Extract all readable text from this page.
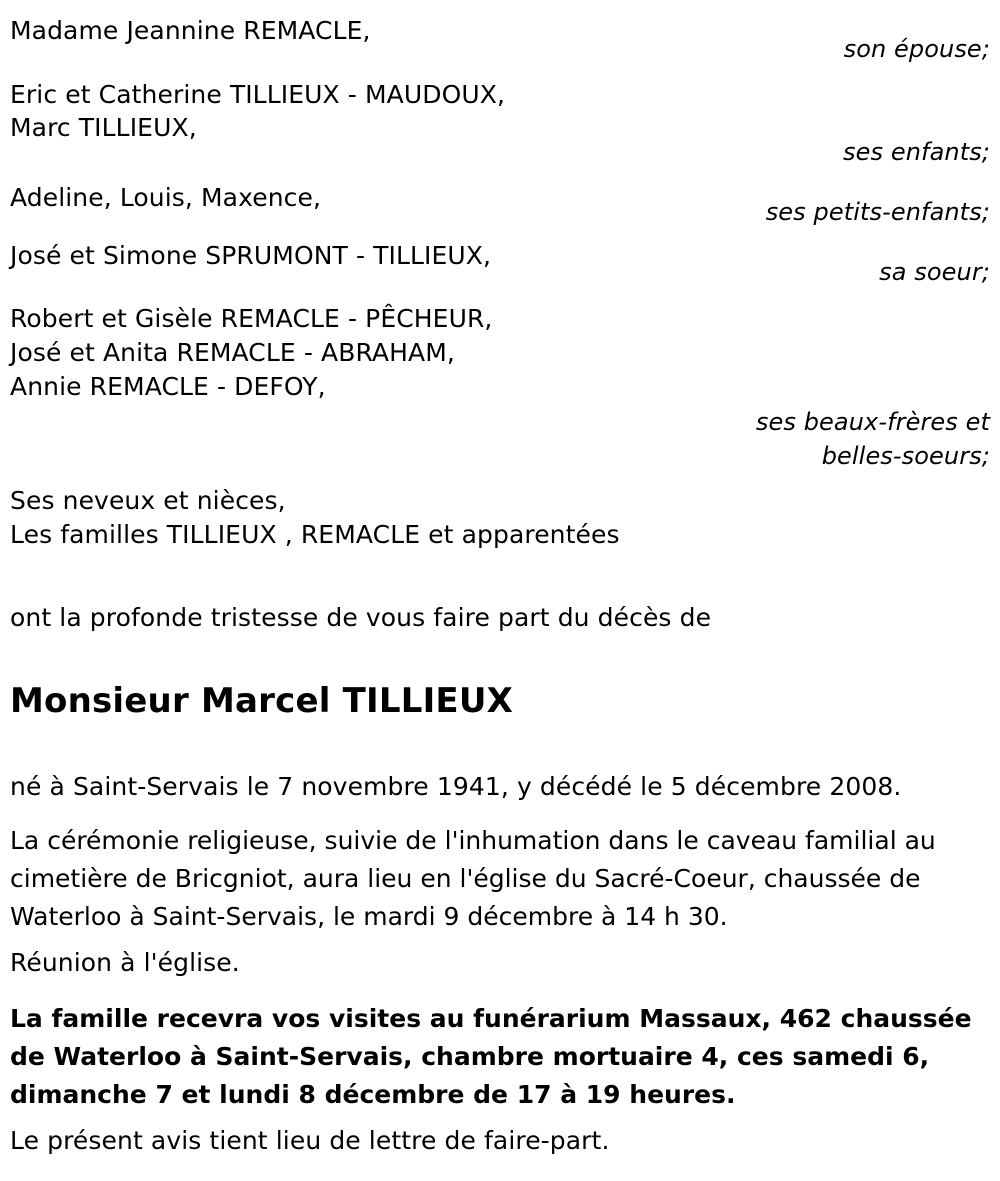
Madame Jeannine REMACLE,
son épouse;
Eric et Catherine TILLIEUX - MAUDOUX,
Marc TILLIEUX,
ses enfants;
Adeline, Louis, Maxence,	ses petits-enfants;
José et Simone SPRUMONT - TILLIEUX,
sa soeur;
Robert et Gisèle REMACLE - PÊCHEUR,
José et Anita REMACLE - ABRAHAM,
Annie REMACLE - DEFOY,
ses beaux-frères et
belles-soeurs;
Ses neveux et nièces,
Les familles TILLIEUX , REMACLE et apparentées
ont la profonde tristesse de vous faire part du décès de
Monsieur Marcel TILLIEUX
né à Saint-Servais le 7 novembre 1941, y décédé le 5 décembre 2008.
La cérémonie religieuse, suivie de l'inhumation dans le caveau familial au cimetière de Bricgniot, aura lieu en l'église du Sacré-Coeur, chaussée de Waterloo à Saint-Servais, le mardi 9 décembre à 14 h 30.
Réunion à l'église.
La famille recevra vos visites au funérarium Massaux, 462 chaussée de Waterloo à Saint-Servais, chambre mortuaire 4, ces samedi 6, dimanche 7 et lundi 8 décembre de 17 à 19 heures.
Le présent avis tient lieu de lettre de faire-part.
